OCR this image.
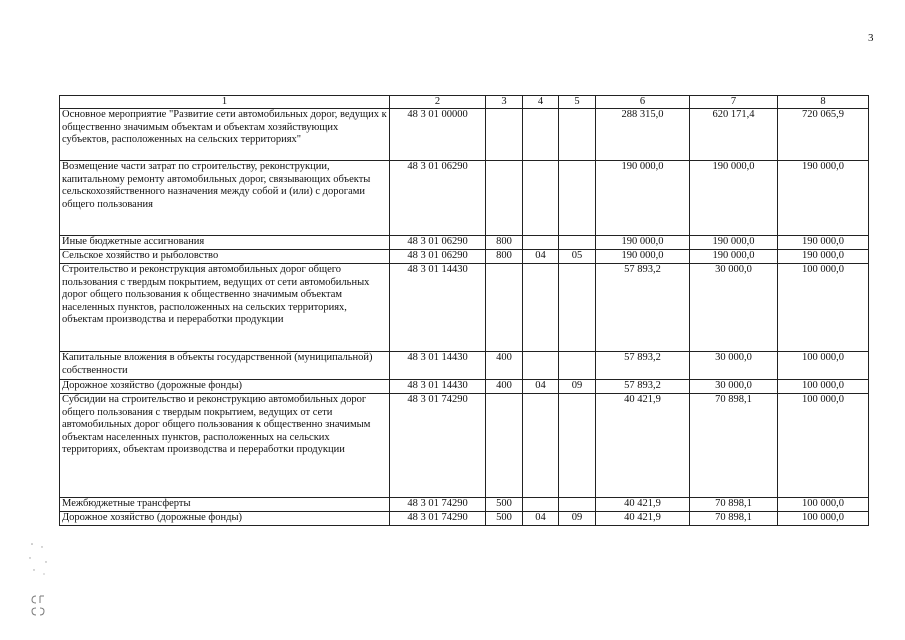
3
1	2	3	4	5	6	7	8
Основное мероприятие "Развитие сети автомобильных дорог, ведущих к общественно значимым объектам и объектам хозяйствующих субъектов, расположенных на сельских территориях"	48 3 01 00000				288 315,0	620 171,4	720 065,9
Возмещение части затрат по строительству, реконструкции, капитальному ремонту автомобильных дорог, связывающих объекты сельскохозяйственного назначения между собой и (или) с дорогами общего пользования	48 3 01 06290				190 000,0	190 000,0	190 000,0
Иные бюджетные ассигнования	48 3 01 06290	800			190 000,0	190 000,0	190 000,0
Сельское хозяйство и рыболовство	48 3 01 06290	800	04	05	190 000,0	190 000,0	190 000,0
Строительство и реконструкция автомобильных дорог общего пользования с твердым покрытием, ведущих от сети автомобильных дорог общего пользования к общественно значимым объектам населенных пунктов, расположенных на сельских территориях, объектам производства и переработки продукции	48 3 01 14430				57 893,2	30 000,0	100 000,0
Капитальные вложения в объекты государственной (муниципальной) собственности	48 3 01 14430	400			57 893,2	30 000,0	100 000,0
Дорожное хозяйство (дорожные фонды)	48 3 01 14430	400	04	09	57 893,2	30 000,0	100 000,0
Субсидии на строительство и реконструкцию автомобильных дорог общего пользования с твердым покрытием, ведущих от сети автомобильных дорог общего пользования к общественно значимым объектам населенных пунктов, расположенных на сельских территориях, объектам производства и переработки продукции	48 3 01 74290				40 421,9	70 898,1	100 000,0
Межбюджетные трансферты	48 3 01 74290	500			40 421,9	70 898,1	100 000,0
Дорожное хозяйство (дорожные фонды)	48 3 01 74290	500	04	09	40 421,9	70 898,1	100 000,0
